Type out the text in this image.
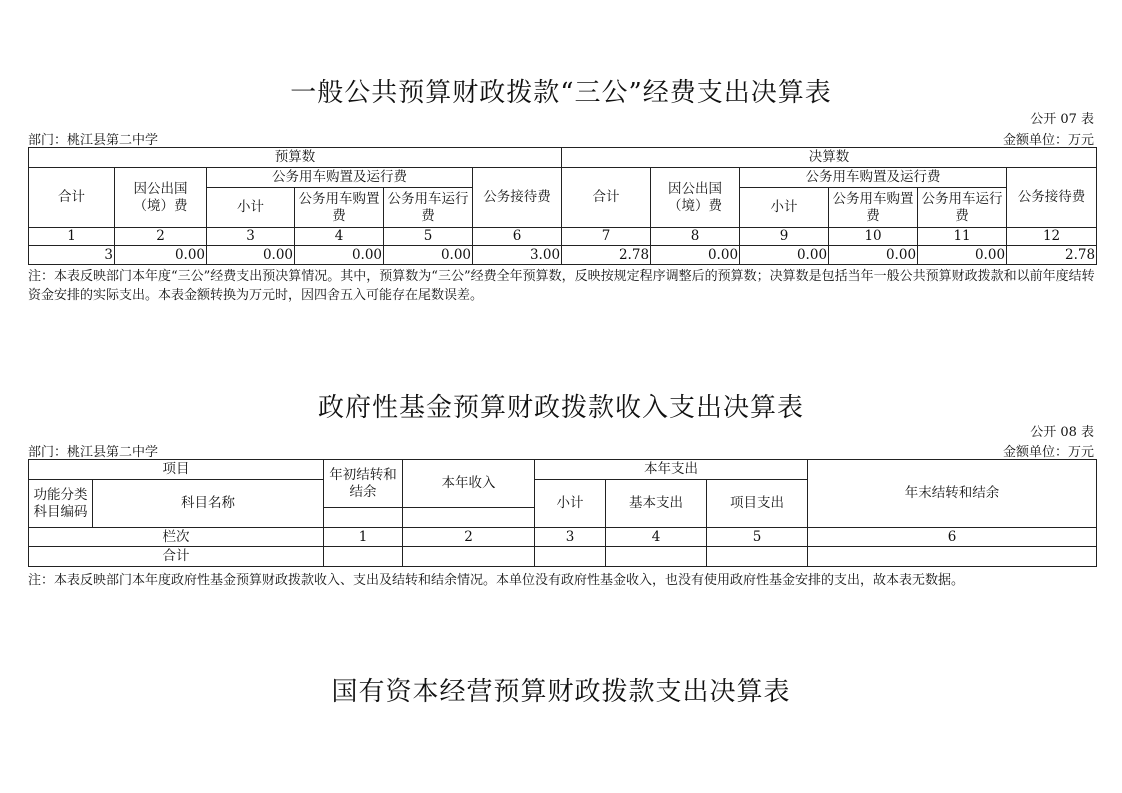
一般公共预算财政拨款“三公”经费支出决算表
公开 07 表
部门：桃江县第二中学	金额单位：万元
预算数						决算数					
合计	因公出国（境）费	公务用车购置及运行费			公务接待费	合计	因公出国（境）费	公务用车购置及运行费			公务接待费
		小计	公务用车购置费	公务用车运行费				小计	公务用车购置费	公务用车运行费	
1	2	3	4	5	6	7	8	9	10	11	12
3	0.00	0.00	0.00	0.00	3.00	2.78	0.00	0.00	0.00	0.00	2.78
注：本表反映部门本年度“三公”经费支出预决算情况。其中，预算数为“三公”经费全年预算数，反映按规定程序调整后的预算数；决算数是包括当年一般公共预算财政拨款和以前年度结转资金安排的实际支出。本表金额转换为万元时，因四舍五入可能存在尾数误差。
政府性基金预算财政拨款收入支出决算表
公开 08 表
部门：桃江县第二中学	金额单位：万元
项目		年初结转和结余	本年收入	本年支出			年末结转和结余
功能分类科目编码	科目名称			小计	基本支出	项目支出	

栏次		1	2	3	4	5	6
合计							
注：本表反映部门本年度政府性基金预算财政拨款收入、支出及结转和结余情况。本单位没有政府性基金收入，也没有使用政府性基金安排的支出，故本表无数据。
国有资本经营预算财政拨款支出决算表
